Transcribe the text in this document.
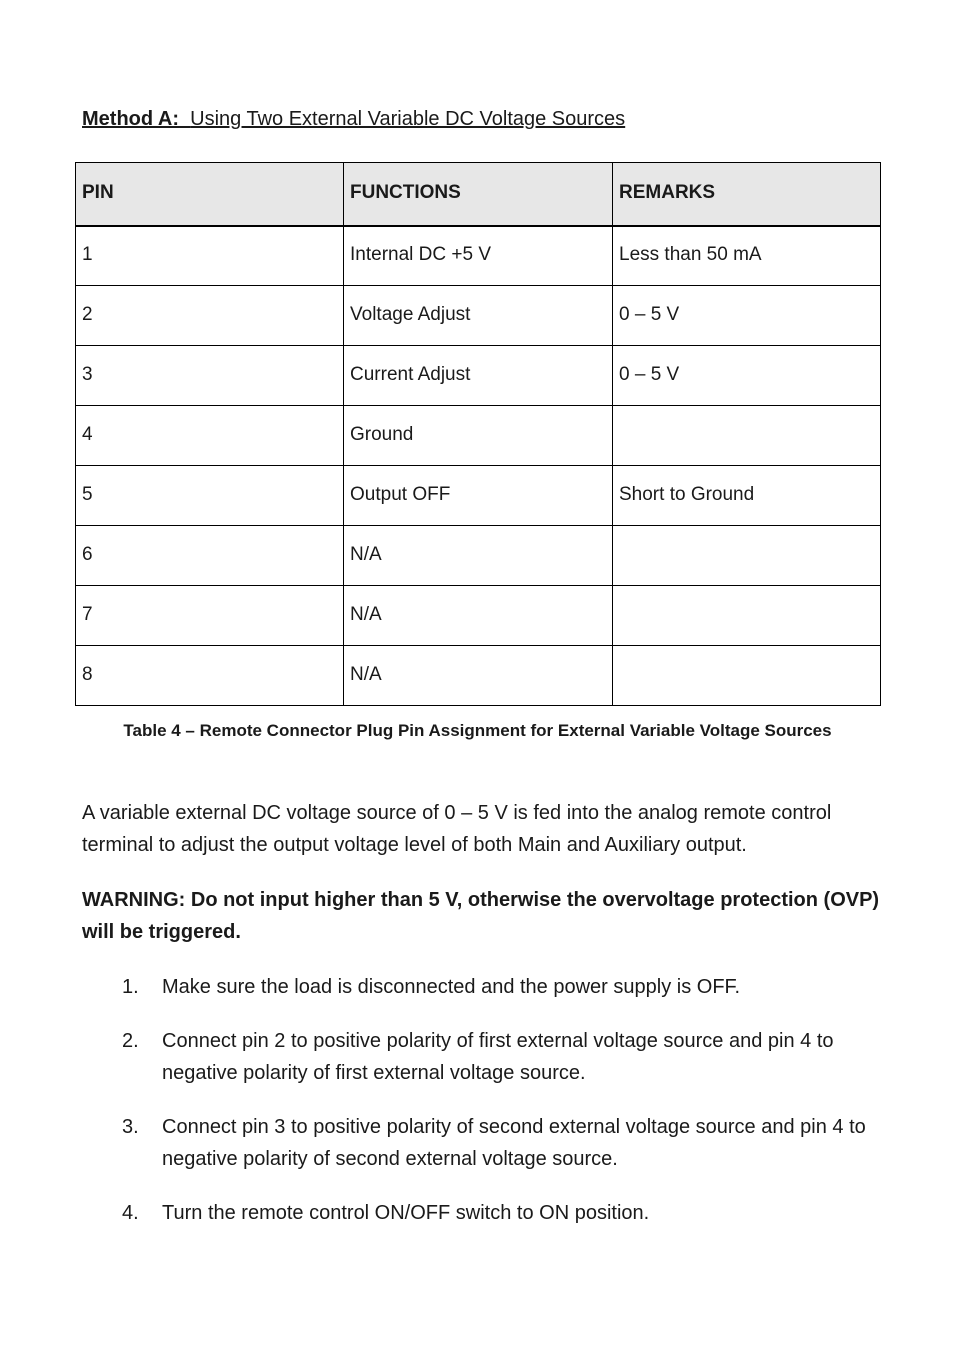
Method A: Using Two External Variable DC Voltage Sources
PIN	FUNCTIONS	REMARKS
1	Internal DC +5 V	Less than 50 mA
2	Voltage Adjust	0 – 5 V
3	Current Adjust	0 – 5 V
4	Ground	
5	Output OFF	Short to Ground
6	N/A	
7	N/A	
8	N/A	
Table 4 – Remote Connector Plug Pin Assignment for External Variable Voltage Sources

A variable external DC voltage source of 0 – 5 V is fed into the analog remote control terminal to adjust the output voltage level of both Main and Auxiliary output.

WARNING: Do not input higher than 5 V, otherwise the overvoltage protection (OVP) will be triggered.

1. Make sure the load is disconnected and the power supply is OFF.
2. Connect pin 2 to positive polarity of first external voltage source and pin 4 to negative polarity of first external voltage source.
3. Connect pin 3 to positive polarity of second external voltage source and pin 4 to negative polarity of second external voltage source.
4. Turn the remote control ON/OFF switch to ON position.
